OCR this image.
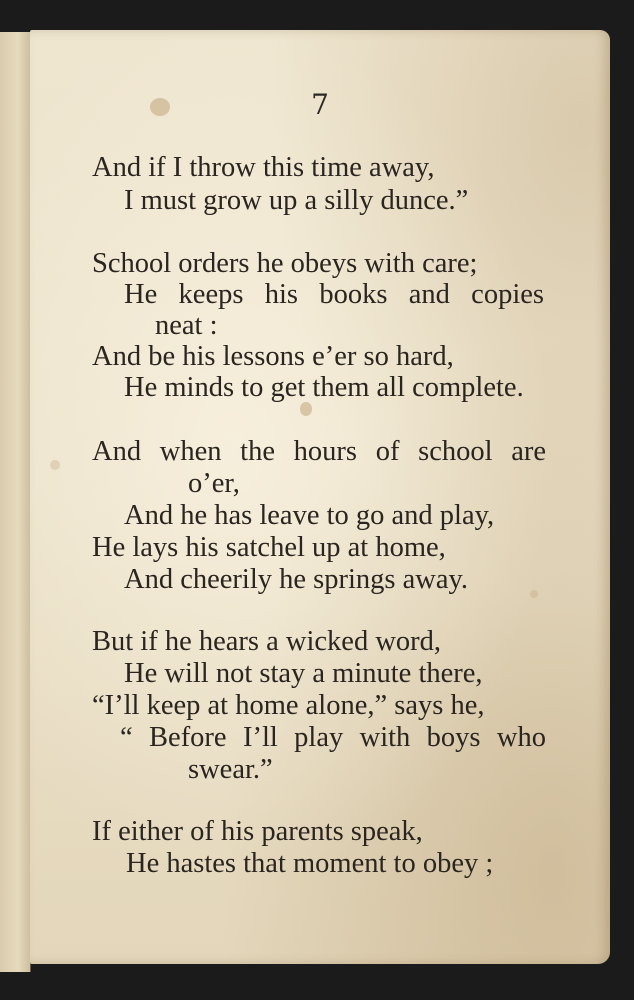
7
And if I throw this time away,
I must grow up a silly dunce.”
School orders he obeys with care;
He keeps his books and copies
neat :
And be his lessons e’er so hard,
He minds to get them all complete.
And when the hours of school are
o’er,
And he has leave to go and play,
He lays his satchel up at home,
And cheerily he springs away.
But if he hears a wicked word,
He will not stay a minute there,
“I’ll keep at home alone,” says he,
“ Before I’ll play with boys who
swear.”
If either of his parents speak,
He hastes that moment to obey ;
